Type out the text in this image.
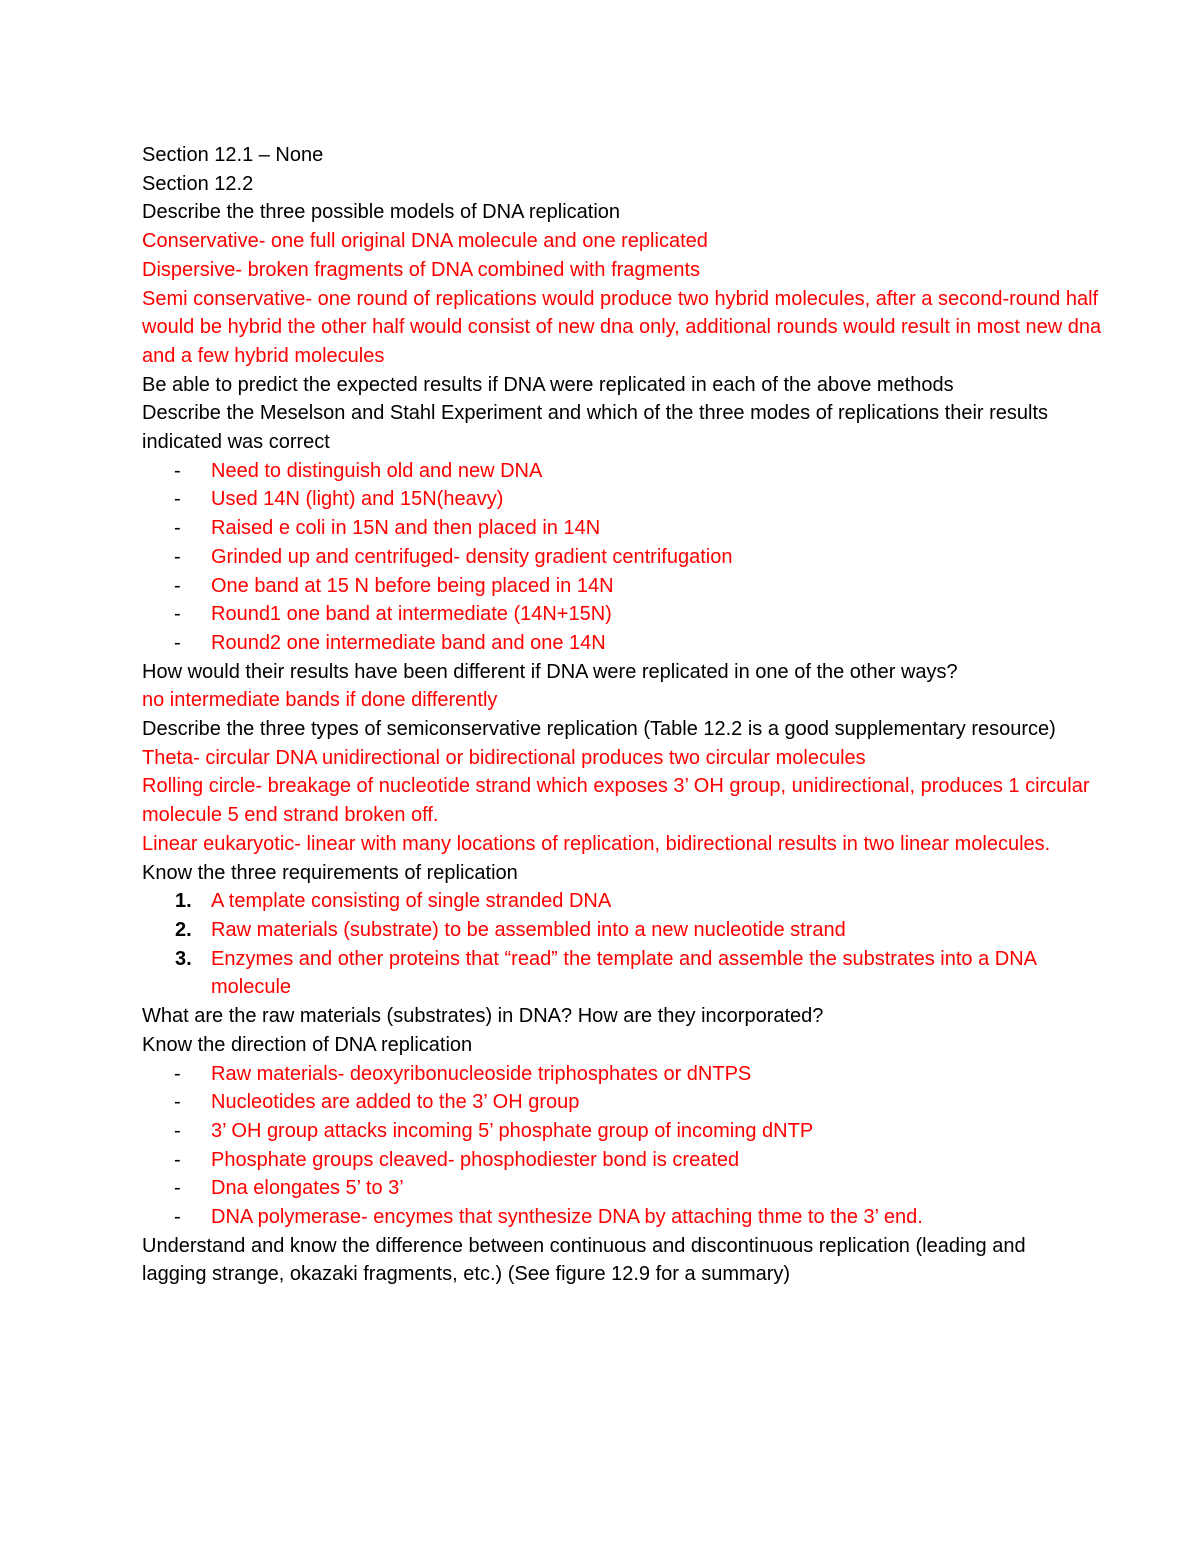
Section 12.1 – None
Section 12.2
Describe the three possible models of DNA replication
Conservative- one full original DNA molecule and one replicated
Dispersive- broken fragments of DNA combined with fragments
Semi conservative- one round of replications would produce two hybrid molecules, after a second-round half would be hybrid the other half would consist of new dna only, additional rounds would result in most new dna and a few hybrid molecules
Be able to predict the expected results if DNA were replicated in each of the above methods
Describe the Meselson and Stahl Experiment and which of the three modes of replications their results
indicated was correct
- Need to distinguish old and new DNA
- Used 14N (light) and 15N(heavy)
- Raised e coli in 15N and then placed in 14N
- Grinded up and centrifuged- density gradient centrifugation
- One band at 15 N before being placed in 14N
- Round1 one band at intermediate (14N+15N)
- Round2 one intermediate band and one 14N
How would their results have been different if DNA were replicated in one of the other ways?
no intermediate bands if done differently
Describe the three types of semiconservative replication (Table 12.2 is a good supplementary resource)
Theta- circular DNA unidirectional or bidirectional produces two circular molecules
Rolling circle- breakage of nucleotide strand which exposes 3’ OH group, unidirectional, produces 1 circular molecule 5 end strand broken off.
Linear eukaryotic- linear with many locations of replication, bidirectional results in two linear molecules.
Know the three requirements of replication
1. A template consisting of single stranded DNA
2. Raw materials (substrate) to be assembled into a new nucleotide strand
3. Enzymes and other proteins that “read” the template and assemble the substrates into a DNA molecule
What are the raw materials (substrates) in DNA? How are they incorporated?
Know the direction of DNA replication
- Raw materials- deoxyribonucleoside triphosphates or dNTPS
- Nucleotides are added to the 3’ OH group
- 3’ OH group attacks incoming 5’ phosphate group of incoming dNTP
- Phosphate groups cleaved- phosphodiester bond is created
- Dna elongates 5’ to 3’
- DNA polymerase- encymes that synthesize DNA by attaching thme to the 3’ end.
Understand and know the difference between continuous and discontinuous replication (leading and
lagging strange, okazaki fragments, etc.) (See figure 12.9 for a summary)
